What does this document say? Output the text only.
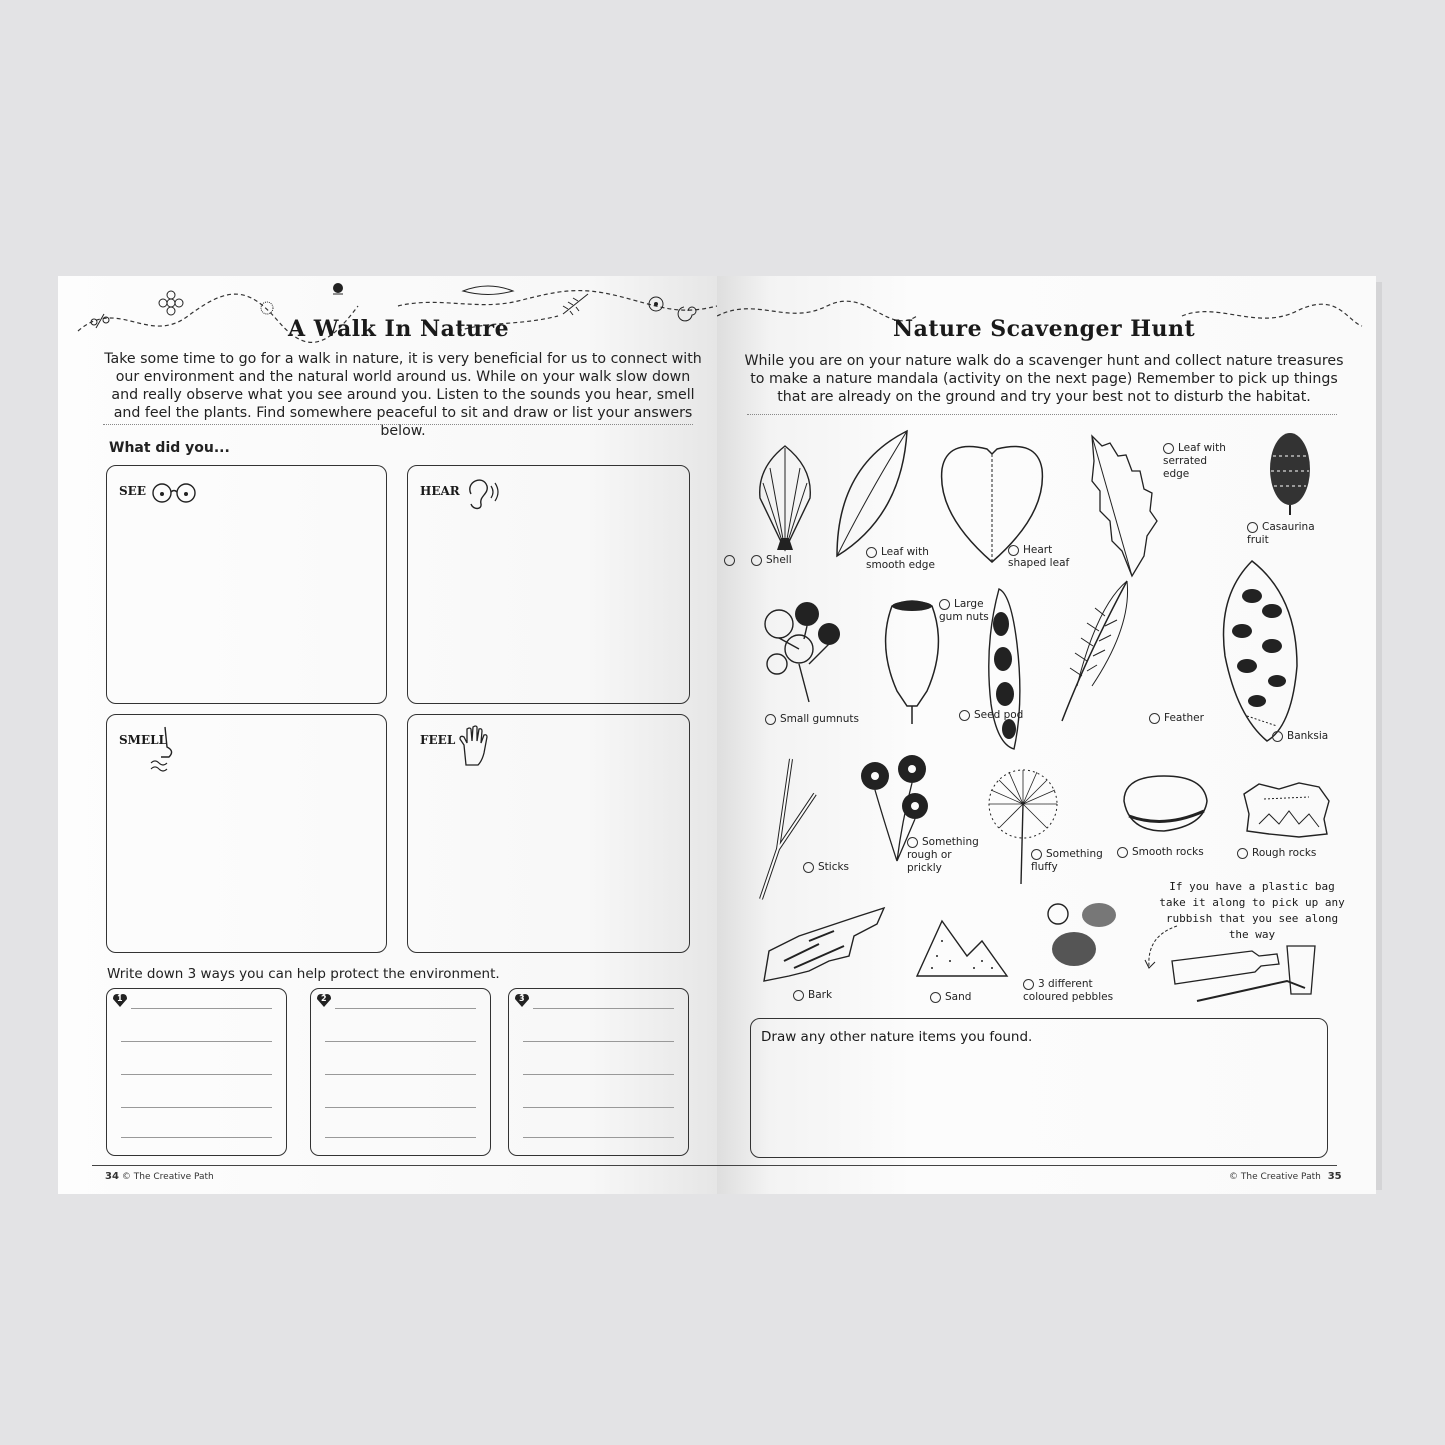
A Walk In Nature
Take some time to go for a walk in nature, it is very beneficial for us to connect with our environment and the natural world around us. While on your walk slow down and really observe what you see around you. Listen to the sounds you hear, smell and feel the plants. Find somewhere peaceful to sit and draw or list your answers below.
What did you...
SEE	HEAR
SMELL	FEEL
Write down 3 ways you can help protect the environment.
1	2	3
34 © The Creative Path
Nature Scavenger Hunt
While you are on your nature walk do a scavenger hunt and collect nature treasures to make a nature mandala (activity on the next page) Remember to pick up things that are already on the ground and try your best not to disturb the habitat.
Shell
Leaf with smooth edge
Heart shaped leaf
Leaf with serrated edge
Casaurina fruit
Small gumnuts
Large gum nuts
Seed pod	Feather
Banksia
Sticks
Something rough or prickly
Something fluffy
Smooth rocks	Rough rocks
Bark	Sand
3 different coloured pebbles
If you have a plastic bag take it along to pick up any rubbish that you see along the way
Draw any other nature items you found.
© The Creative Path 35
